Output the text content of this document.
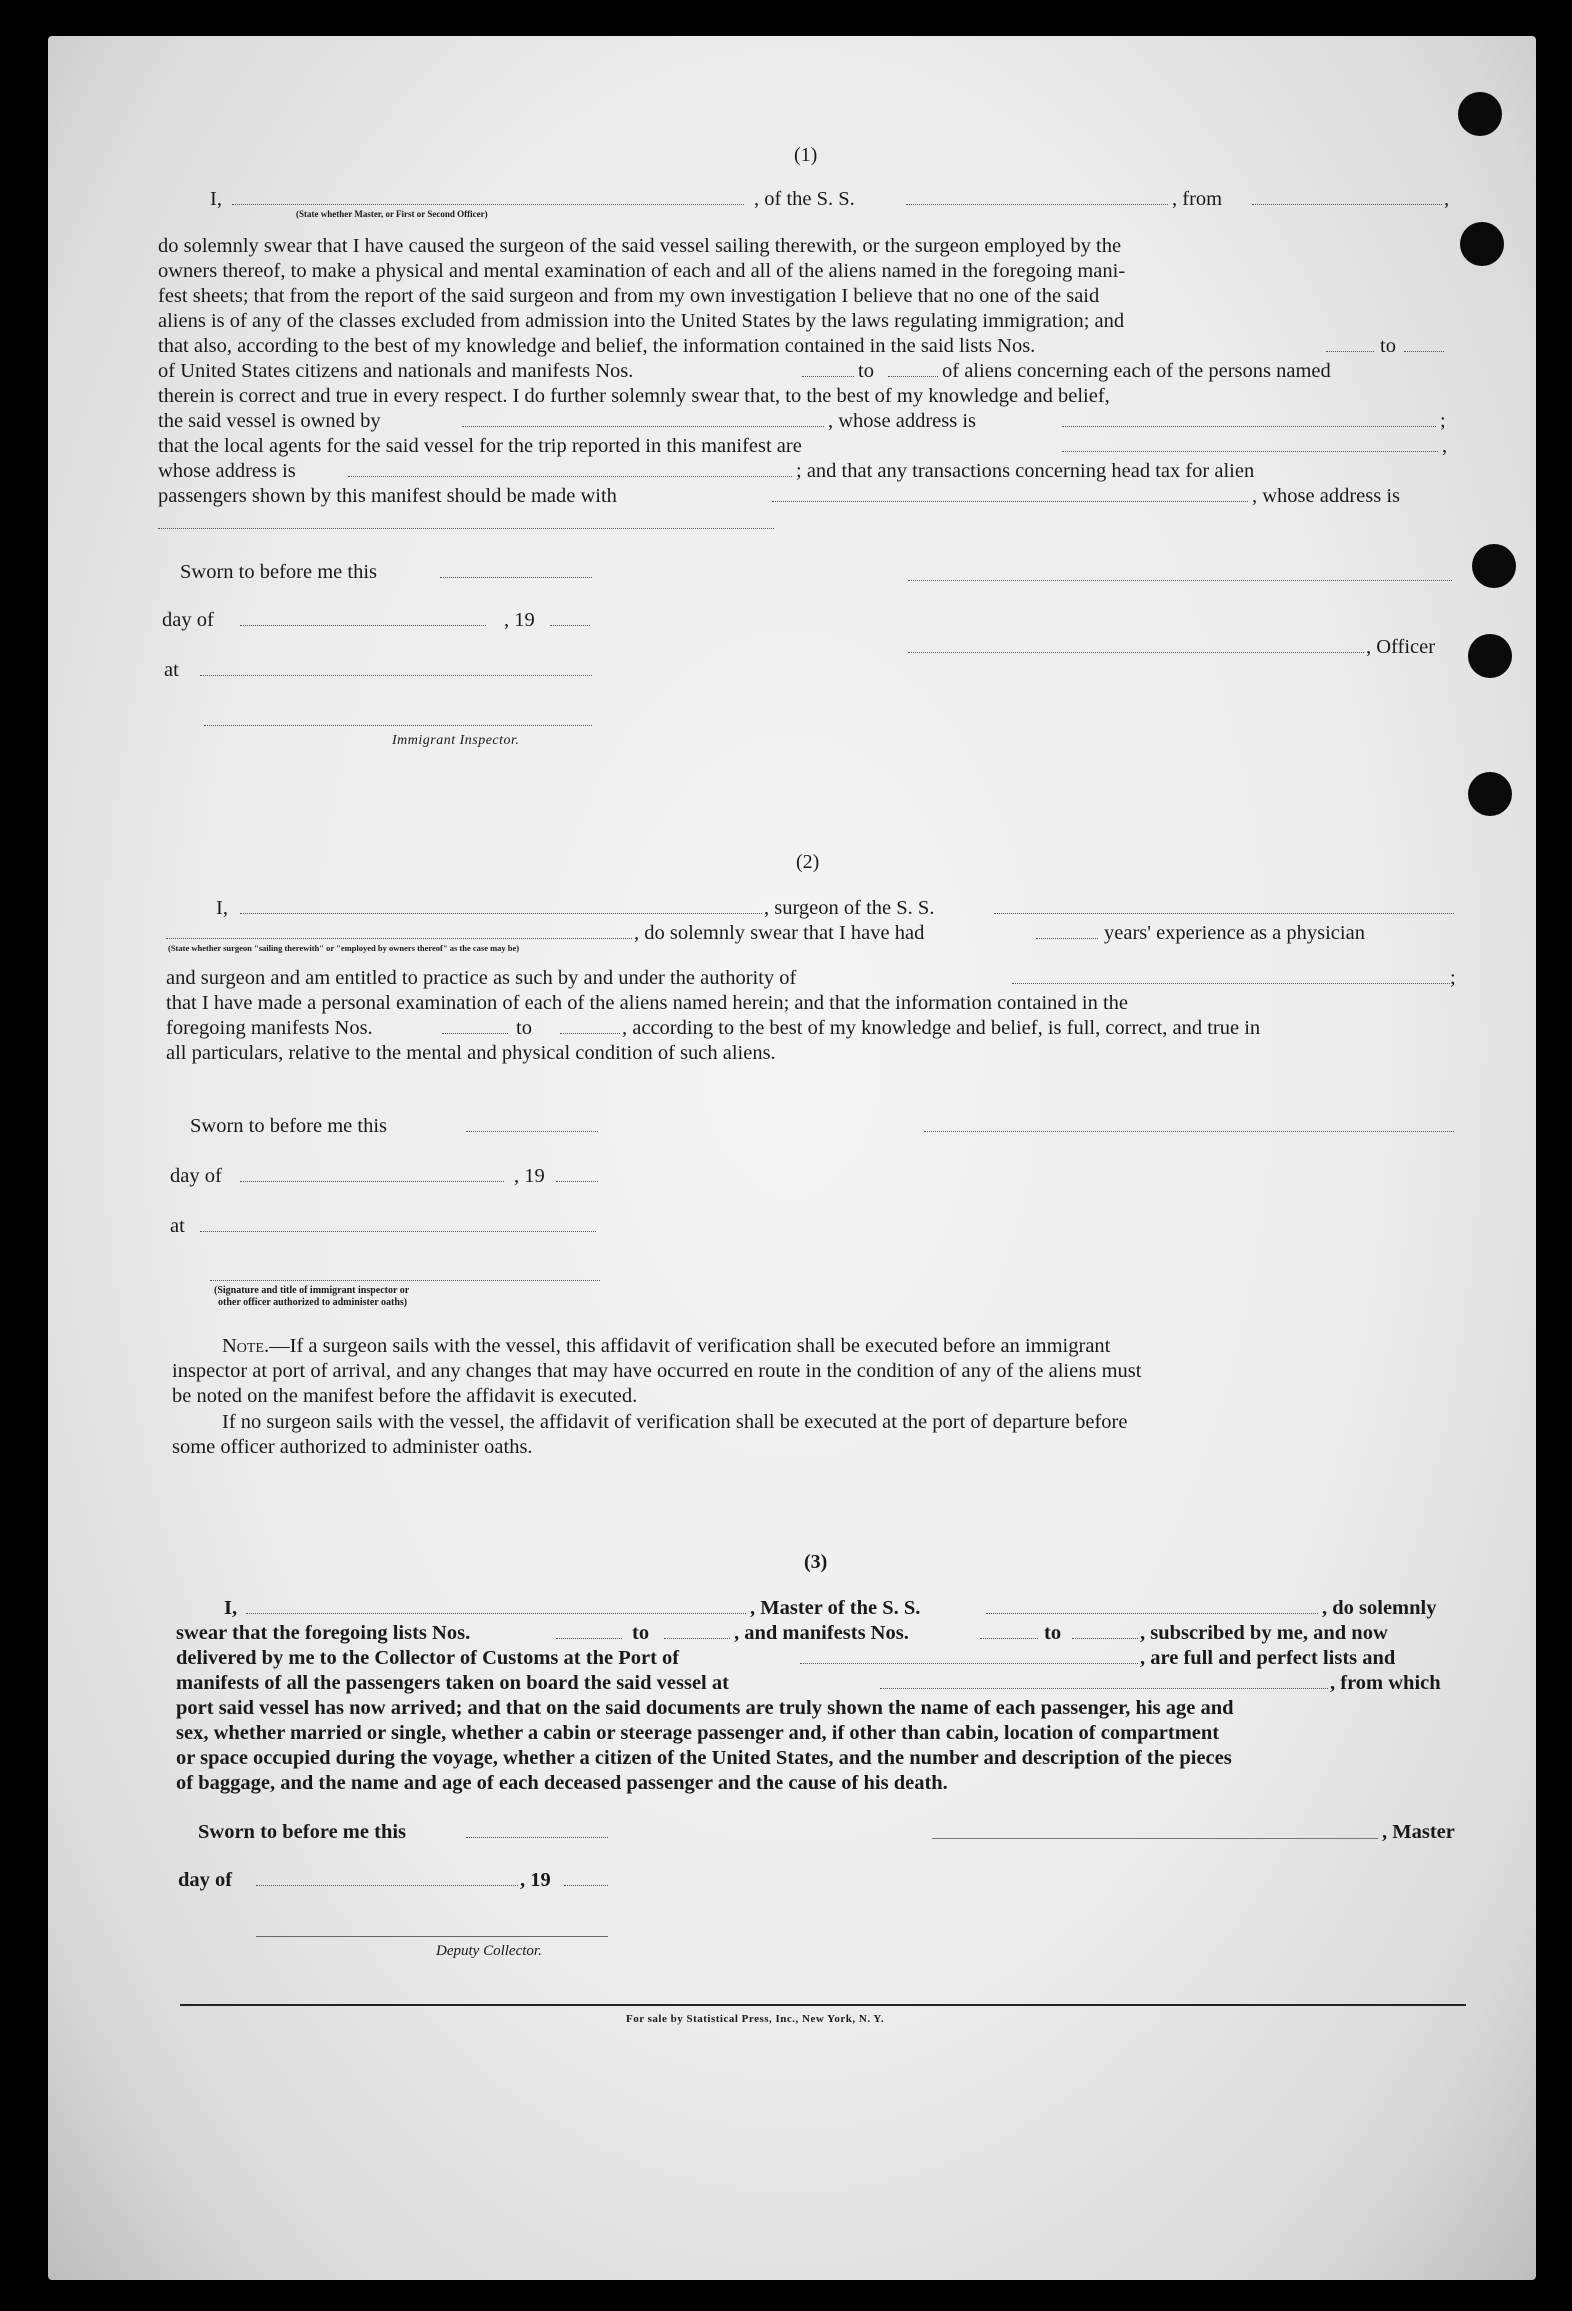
(1)
I,
(State whether Master, or First or Second Officer)
, of the S. S.	, from	,
do solemnly swear that I have caused the surgeon of the said vessel sailing therewith, or the surgeon employed by the
owners thereof, to make a physical and mental examination of each and all of the aliens named in the foregoing mani-
fest sheets; that from the report of the said surgeon and from my own investigation I believe that no one of the said
aliens is of any of the classes excluded from admission into the United States by the laws regulating immigration; and
that also, according to the best of my knowledge and belief, the information contained in the said lists Nos.	to
of United States citizens and nationals and manifests Nos.	to	of aliens concerning each of the persons named
therein is correct and true in every respect. I do further solemnly swear that, to the best of my knowledge and belief,
the said vessel is owned by	, whose address is	;
that the local agents for the said vessel for the trip reported in this manifest are	,
whose address is	; and that any transactions concerning head tax for alien
passengers shown by this manifest should be made with	, whose address is
Sworn to before me this
day of	, 19
, Officer
at
Immigrant Inspector.
(2)
I,	, surgeon of the S. S.
(State whether surgeon "sailing therewith" or "employed by owners thereof" as the case may be)
, do solemnly swear that I have had	years' experience as a physician
and surgeon and am entitled to practice as such by and under the authority of	;
that I have made a personal examination of each of the aliens named herein; and that the information contained in the
foregoing manifests Nos.	to	, according to the best of my knowledge and belief, is full, correct, and true in
all particulars, relative to the mental and physical condition of such aliens.
Sworn to before me this
day of	, 19
at
(Signature and title of immigrant inspector or
other officer authorized to administer oaths)
Note.—If a surgeon sails with the vessel, this affidavit of verification shall be executed before an immigrant
inspector at port of arrival, and any changes that may have occurred en route in the condition of any of the aliens must
be noted on the manifest before the affidavit is executed.
If no surgeon sails with the vessel, the affidavit of verification shall be executed at the port of departure before
some officer authorized to administer oaths.
(3)
I,	, Master of the S. S.	, do solemnly
swear that the foregoing lists Nos.	to	, and manifests Nos.	to	, subscribed by me, and now
delivered by me to the Collector of Customs at the Port of	, are full and perfect lists and
manifests of all the passengers taken on board the said vessel at	, from which
port said vessel has now arrived; and that on the said documents are truly shown the name of each passenger, his age and
sex, whether married or single, whether a cabin or steerage passenger and, if other than cabin, location of compartment
or space occupied during the voyage, whether a citizen of the United States, and the number and description of the pieces
of baggage, and the name and age of each deceased passenger and the cause of his death.
Sworn to before me this	, Master
day of	, 19
Deputy Collector.
For sale by Statistical Press, Inc., New York, N. Y.
